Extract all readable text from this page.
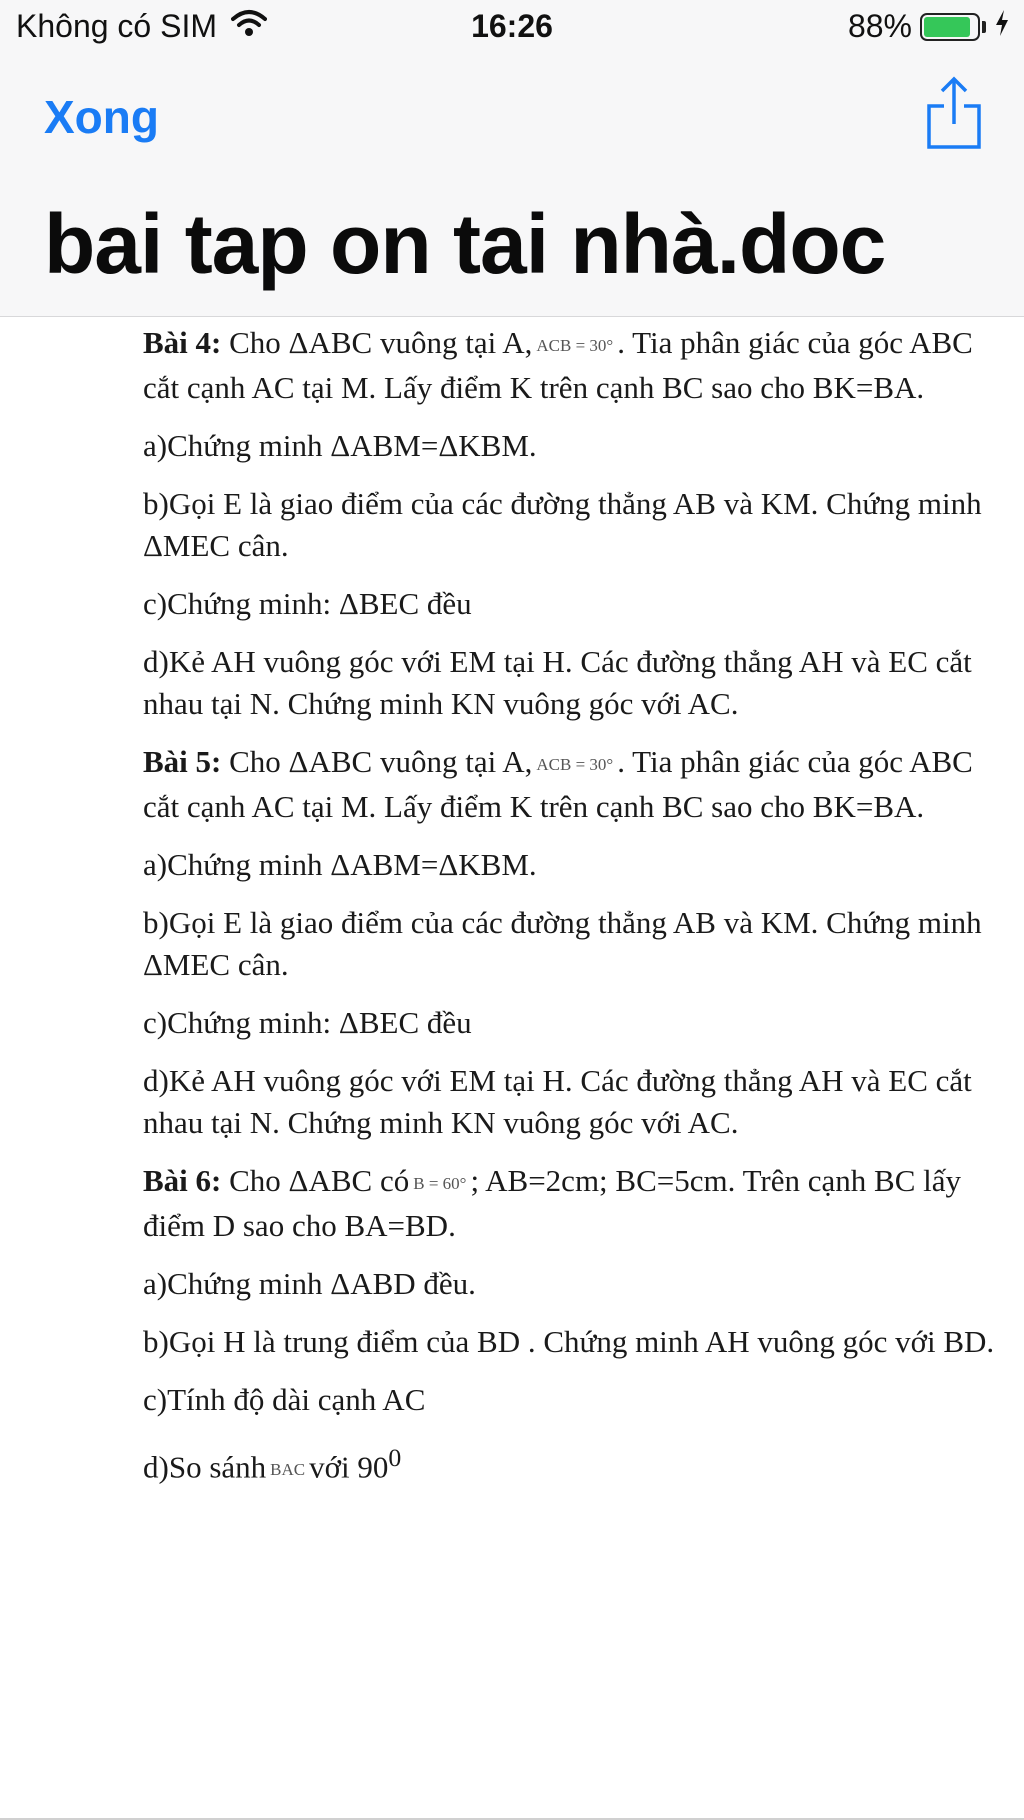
Không có SIM	16:26	88%
Xong
bai tap on tai nhà.doc

Bài 4: Cho ΔABC vuông tại A, ACB = 30° . Tia phân giác của góc ABC cắt cạnh AC tại M. Lấy điểm K trên cạnh BC sao cho BK=BA.

a)Chứng minh ΔABM=ΔKBM.

b)Gọi E là giao điểm của các đường thẳng AB và KM. Chứng minh ΔMEC cân.

c)Chứng minh: ΔBEC đều

d)Kẻ AH vuông góc với EM tại H. Các đường thẳng AH và EC cắt nhau tại N. Chứng minh KN vuông góc với AC.

Bài 5: Cho ΔABC vuông tại A, ACB = 30° . Tia phân giác của góc ABC cắt cạnh AC tại M. Lấy điểm K trên cạnh BC sao cho BK=BA.

a)Chứng minh ΔABM=ΔKBM.

b)Gọi E là giao điểm của các đường thẳng AB và KM. Chứng minh ΔMEC cân.

c)Chứng minh: ΔBEC đều

d)Kẻ AH vuông góc với EM tại H. Các đường thẳng AH và EC cắt nhau tại N. Chứng minh KN vuông góc với AC.

Bài 6: Cho ΔABC có B = 60° ; AB=2cm; BC=5cm. Trên cạnh BC lấy điểm D sao cho BA=BD.

a)Chứng minh ΔABD đều.

b)Gọi H là trung điểm của BD . Chứng minh AH vuông góc với BD.

c)Tính độ dài cạnh AC

d)So sánh BAC với $90^0$
